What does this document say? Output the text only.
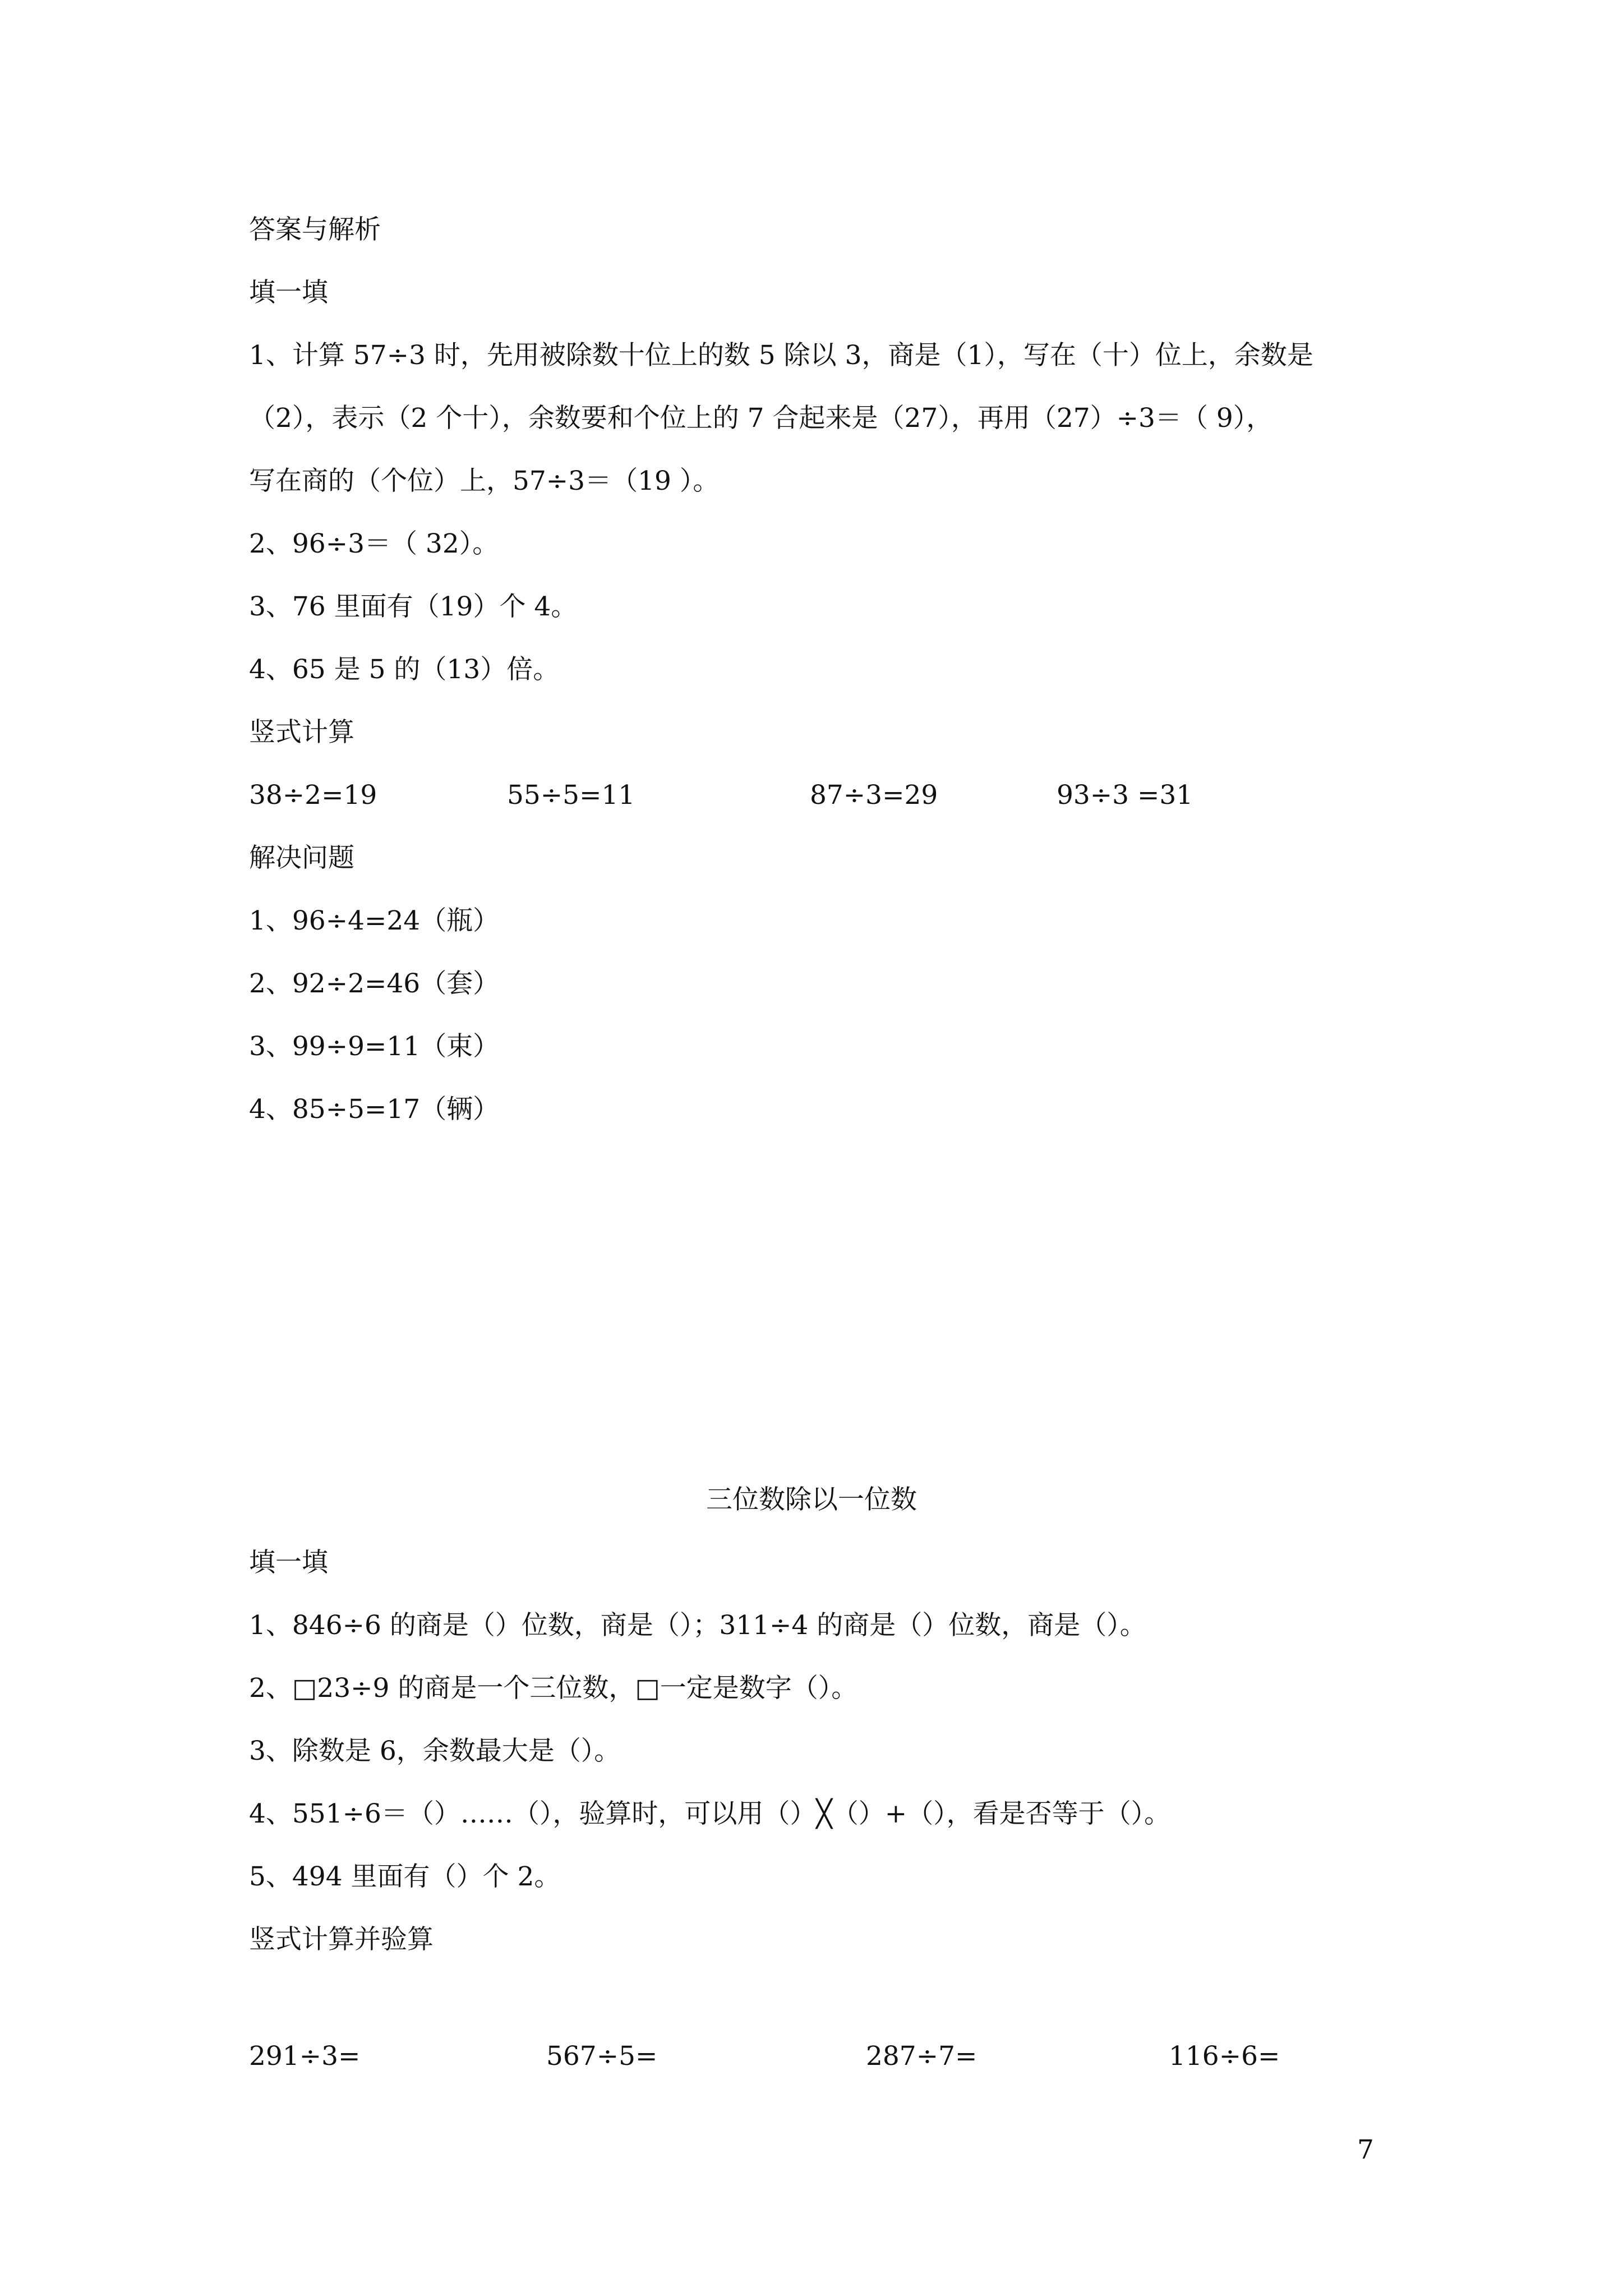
答案与解析
填一填
1、计算 57÷3 时，先用被除数十位上的数 5 除以 3，商是（1），写在（十）位上，余数是
（2），表示（2 个十），余数要和个位上的 7 合起来是（27），再用（27）÷3＝（ 9），
写在商的（个位）上，57÷3＝（19 ）。
2、96÷3＝（ 32）。
3、76 里面有（19）个 4。
4、65 是 5 的（13）倍。
竖式计算
38÷2=19	55÷5=11	87÷3=29	93÷3 =31
解决问题
1、96÷4=24（瓶）
2、92÷2=46（套）
3、99÷9=11（束）
4、85÷5=17（辆）
三位数除以一位数
填一填
1、846÷6 的商是（）位数，商是（）；311÷4 的商是（）位数，商是（）。
2、□23÷9 的商是一个三位数，□一定是数字（）。
3、除数是 6，余数最大是（）。
4、551÷6＝（）……（），验算时，可以用（）╳（）+（），看是否等于（）。
5、494 里面有（）个 2。
竖式计算并验算
291÷3=	567÷5=	287÷7=	116÷6=
7
